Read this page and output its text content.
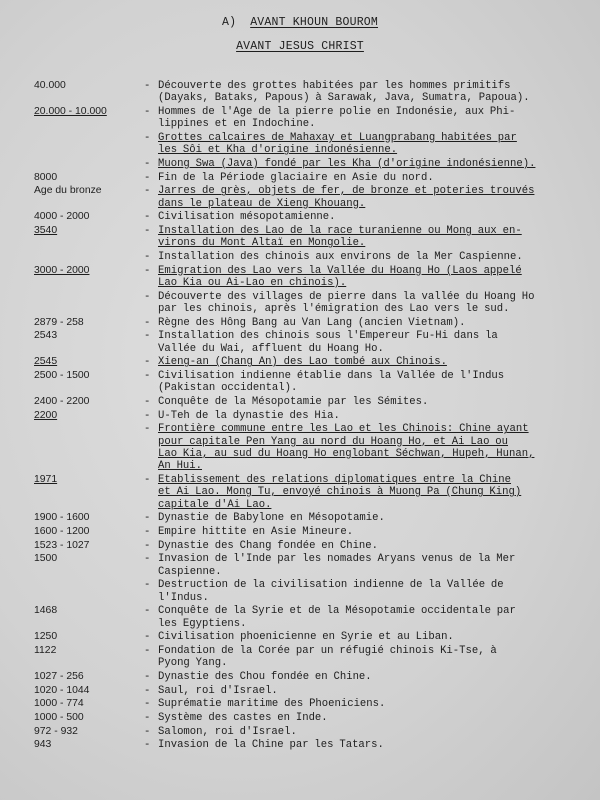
A) AVANT KHOUN BOUROM
AVANT JESUS CHRIST
40.000	- Découverte des grottes habitées par les hommes primitifs
(Dayaks, Bataks, Papous) à Sarawak, Java, Sumatra, Papoua).
20.000 - 10.000	- Hommes de l'Age de la pierre polie en Indonésie, aux Phi-
lippines et en Indochine.
- Grottes calcaires de Mahaxay et Luangprabang habitées par
les Sôi et Kha d'origine indonésienne.
- Muong Swa (Java) fondé par les Kha (d'origine indonésienne).
8000	- Fin de la Période glaciaire en Asie du nord.
Age du bronze	- Jarres de grès, objets de fer, de bronze et poteries trouvés
dans le plateau de Xieng Khouang.
4000 - 2000	- Civilisation mésopotamienne.
3540	- Installation des Lao de la race turanienne ou Mong aux en-
virons du Mont Altaï en Mongolie.
- Installation des chinois aux environs de la Mer Caspienne.
3000 - 2000	- Emigration des Lao vers la Vallée du Hoang Ho (Laos appelé
Lao Kia ou Ai-Lao en chinois).
- Découverte des villages de pierre dans la vallée du Hoang Ho
par les chinois, après l'émigration des Lao vers le sud.
2879 - 258	- Règne des Hông Bang au Van Lang (ancien Vietnam).
2543	- Installation des chinois sous l'Empereur Fu-Hi dans la
Vallée du Wai, affluent du Hoang Ho.
2545	- Xieng-an (Chang An) des Lao tombé aux Chinois.
2500 - 1500	- Civilisation indienne établie dans la Vallée de l'Indus
(Pakistan occidental).
2400 - 2200	- Conquête de la Mésopotamie par les Sémites.
2200	- U-Teh de la dynastie des Hia.
- Frontière commune entre les Lao et les Chinois: Chine ayant
pour capitale Pen Yang au nord du Hoang Ho, et Ai Lao ou
Lao Kia, au sud du Hoang Ho englobant Séchwan, Hupeh, Hunan,
An Hui.
1971	- Etablissement des relations diplomatiques entre la Chine
et Ai Lao. Mong Tu, envoyé chinois à Muong Pa (Chung King)
capitale d'Ai Lao.
1900 - 1600	- Dynastie de Babylone en Mésopotamie.
1600 - 1200	- Empire hittite en Asie Mineure.
1523 - 1027	- Dynastie des Chang fondée en Chine.
1500	- Invasion de l'Inde par les nomades Aryans venus de la Mer
Caspienne.
- Destruction de la civilisation indienne de la Vallée de
l'Indus.
1468	- Conquête de la Syrie et de la Mésopotamie occidentale par
les Egyptiens.
1250	- Civilisation phoenicienne en Syrie et au Liban.
1122	- Fondation de la Corée par un réfugié chinois Ki-Tse, à
Pyong Yang.
1027 - 256	- Dynastie des Chou fondée en Chine.
1020 - 1044	- Saul, roi d'Israel.
1000 - 774	- Suprématie maritime des Phoeniciens.
1000 - 500	- Système des castes en Inde.
972 - 932	- Salomon, roi d'Israel.
943	- Invasion de la Chine par les Tatars.
